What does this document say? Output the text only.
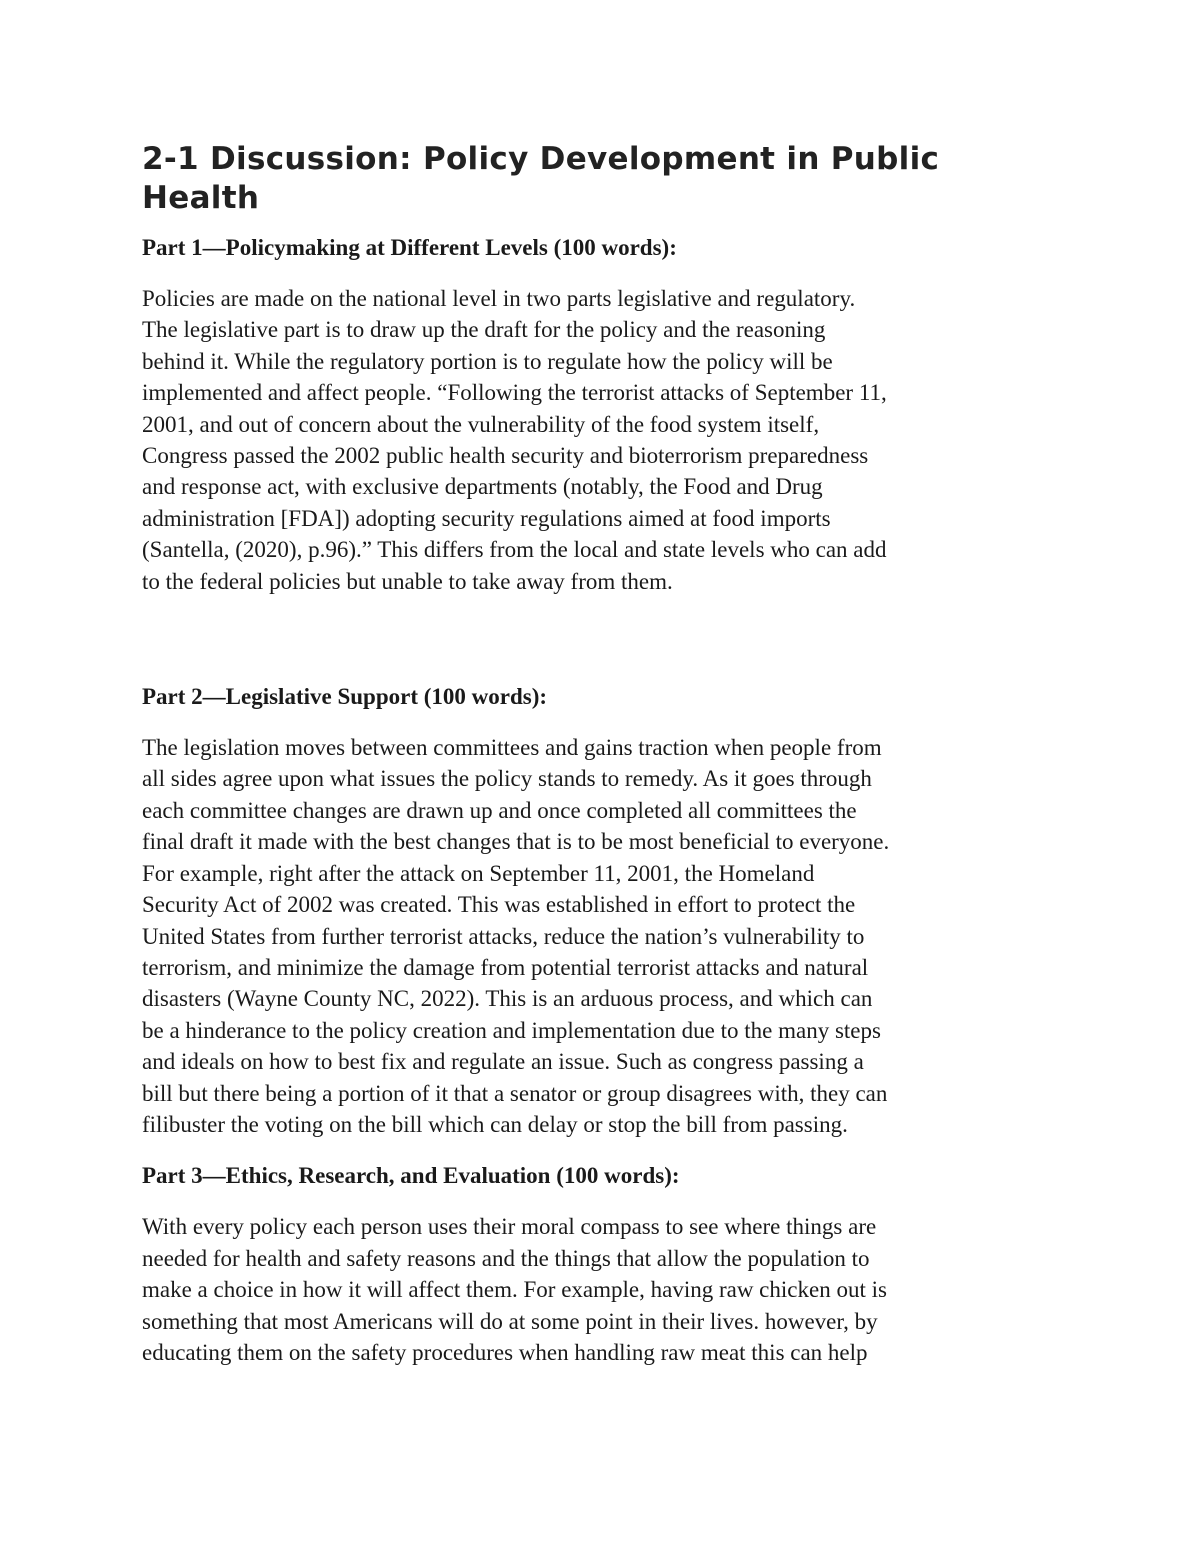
2-1 Discussion: Policy Development in Public
Health
Part 1—Policymaking at Different Levels (100 words):

Policies are made on the national level in two parts legislative and regulatory.
The legislative part is to draw up the draft for the policy and the reasoning
behind it. While the regulatory portion is to regulate how the policy will be
implemented and affect people. “Following the terrorist attacks of September 11,
2001, and out of concern about the vulnerability of the food system itself,
Congress passed the 2002 public health security and bioterrorism preparedness
and response act, with exclusive departments (notably, the Food and Drug
administration [FDA]) adopting security regulations aimed at food imports
(Santella, (2020), p.96).” This differs from the local and state levels who can add
to the federal policies but unable to take away from them.

Part 2—Legislative Support (100 words):

The legislation moves between committees and gains traction when people from
all sides agree upon what issues the policy stands to remedy. As it goes through
each committee changes are drawn up and once completed all committees the
final draft it made with the best changes that is to be most beneficial to everyone.
For example, right after the attack on September 11, 2001, the Homeland
Security Act of 2002 was created. This was established in effort to protect the
United States from further terrorist attacks, reduce the nation’s vulnerability to
terrorism, and minimize the damage from potential terrorist attacks and natural
disasters (Wayne County NC, 2022). This is an arduous process, and which can
be a hinderance to the policy creation and implementation due to the many steps
and ideals on how to best fix and regulate an issue. Such as congress passing a
bill but there being a portion of it that a senator or group disagrees with, they can
filibuster the voting on the bill which can delay or stop the bill from passing.

Part 3—Ethics, Research, and Evaluation (100 words):

With every policy each person uses their moral compass to see where things are
needed for health and safety reasons and the things that allow the population to
make a choice in how it will affect them. For example, having raw chicken out is
something that most Americans will do at some point in their lives. however, by
educating them on the safety procedures when handling raw meat this can help
